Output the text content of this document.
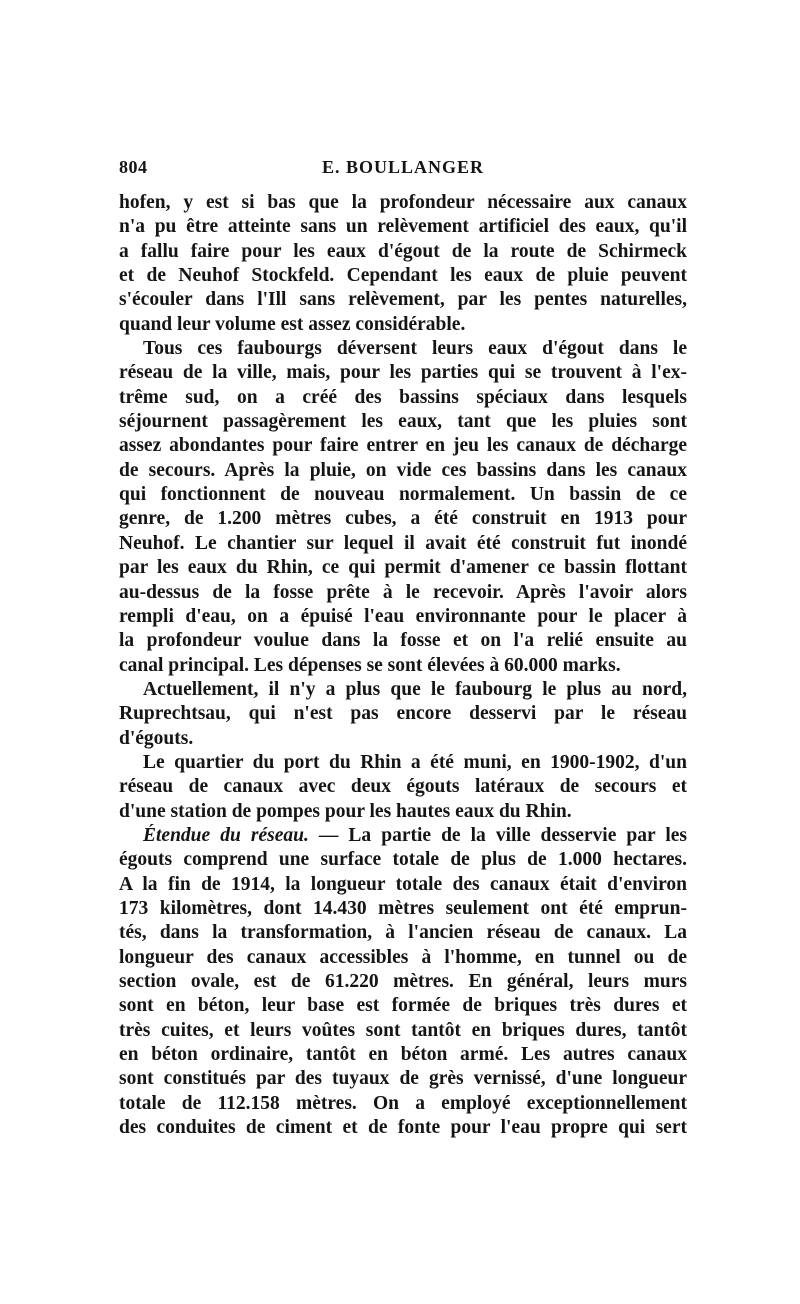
804	E. BOULLANGER
hofen, y est si bas que la profondeur nécessaire aux canaux
n'a pu être atteinte sans un relèvement artificiel des eaux, qu'il
a fallu faire pour les eaux d'égout de la route de Schirmeck
et de Neuhof Stockfeld. Cependant les eaux de pluie peuvent
s'écouler dans l'Ill sans relèvement, par les pentes naturelles,
quand leur volume est assez considérable.
Tous ces faubourgs déversent leurs eaux d'égout dans le
réseau de la ville, mais, pour les parties qui se trouvent à l'ex-
trême sud, on a créé des bassins spéciaux dans lesquels
séjournent passagèrement les eaux, tant que les pluies sont
assez abondantes pour faire entrer en jeu les canaux de décharge
de secours. Après la pluie, on vide ces bassins dans les canaux
qui fonctionnent de nouveau normalement. Un bassin de ce
genre, de 1.200 mètres cubes, a été construit en 1913 pour
Neuhof. Le chantier sur lequel il avait été construit fut inondé
par les eaux du Rhin, ce qui permit d'amener ce bassin flottant
au-dessus de la fosse prête à le recevoir. Après l'avoir alors
rempli d'eau, on a épuisé l'eau environnante pour le placer à
la profondeur voulue dans la fosse et on l'a relié ensuite au
canal principal. Les dépenses se sont élevées à 60.000 marks.
Actuellement, il n'y a plus que le faubourg le plus au nord,
Ruprechtsau, qui n'est pas encore desservi par le réseau
d'égouts.
Le quartier du port du Rhin a été muni, en 1900-1902, d'un
réseau de canaux avec deux égouts latéraux de secours et
d'une station de pompes pour les hautes eaux du Rhin.
Étendue du réseau. — La partie de la ville desservie par les
égouts comprend une surface totale de plus de 1.000 hectares.
A la fin de 1914, la longueur totale des canaux était d'environ
173 kilomètres, dont 14.430 mètres seulement ont été emprun-
tés, dans la transformation, à l'ancien réseau de canaux. La
longueur des canaux accessibles à l'homme, en tunnel ou de
section ovale, est de 61.220 mètres. En général, leurs murs
sont en béton, leur base est formée de briques très dures et
très cuites, et leurs voûtes sont tantôt en briques dures, tantôt
en béton ordinaire, tantôt en béton armé. Les autres canaux
sont constitués par des tuyaux de grès vernissé, d'une longueur
totale de 112.158 mètres. On a employé exceptionnellement
des conduites de ciment et de fonte pour l'eau propre qui sert
